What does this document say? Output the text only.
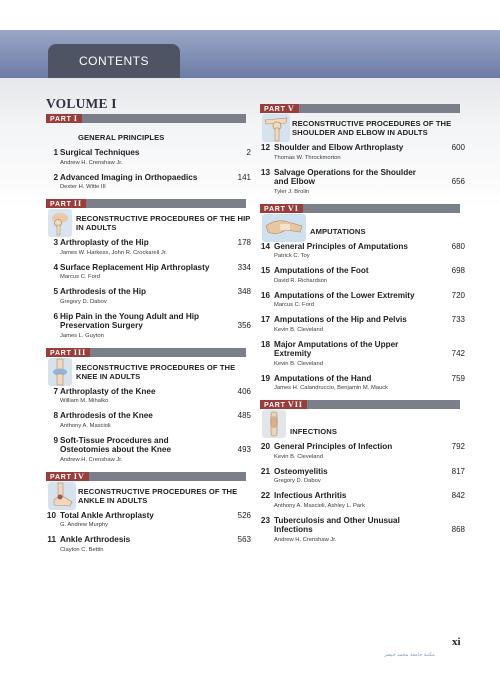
CONTENTS
VOLUME I
PART I
GENERAL PRINCIPLES
1 Surgical Techniques
Andrew H. Crenshaw Jr.
2
2 Advanced Imaging in Orthopaedics
Dexter H. Witte III
141
PART II
RECONSTRUCTIVE PROCEDURES OF THE HIP IN ADULTS
3 Arthroplasty of the Hip
James W. Harkess, John R. Crockarell Jr.
178
4 Surface Replacement Hip Arthroplasty
Marcus C. Ford
334
5 Arthrodesis of the Hip
Gregory D. Dabov
348
6 Hip Pain in the Young Adult and Hip Preservation Surgery
James L. Guyton
356
PART III
RECONSTRUCTIVE PROCEDURES OF THE KNEE IN ADULTS
7 Arthroplasty of the Knee
William M. Mihalko
406
8 Arthrodesis of the Knee
Anthony A. Mascioli
485
9 Soft-Tissue Procedures and Osteotomies about the Knee
Andrew H. Crenshaw Jr.
493
PART IV
RECONSTRUCTIVE PROCEDURES OF THE ANKLE IN ADULTS
10 Total Ankle Arthroplasty
G. Andrew Murphy
526
11 Ankle Arthrodesis
Clayton C. Bettin
563
PART V
RECONSTRUCTIVE PROCEDURES OF THE SHOULDER AND ELBOW IN ADULTS
12 Shoulder and Elbow Arthroplasty
Thomas W. Throckmorton
600
13 Salvage Operations for the Shoulder and Elbow
Tyler J. Brolin
656
PART VI
AMPUTATIONS
14 General Principles of Amputations
Patrick C. Toy
680
15 Amputations of the Foot
David R. Richardson
698
16 Amputations of the Lower Extremity
Marcus C. Ford
720
17 Amputations of the Hip and Pelvis
Kevin B. Cleveland
733
18 Major Amputations of the Upper Extremity
Kevin B. Cleveland
742
19 Amputations of the Hand
James H. Calandruccio, Benjamin M. Mauck
759
PART VII
INFECTIONS
20 General Principles of Infection
Kevin B. Cleveland
792
21 Osteomyelitis
Gregory D. Dabov
817
22 Infectious Arthritis
Anthony A. Mascioli, Ashley L. Park
842
23 Tuberculosis and Other Unusual Infections
Andrew H. Crenshaw Jr.
868
xi
مكتبة جامعة محمد خيضر
